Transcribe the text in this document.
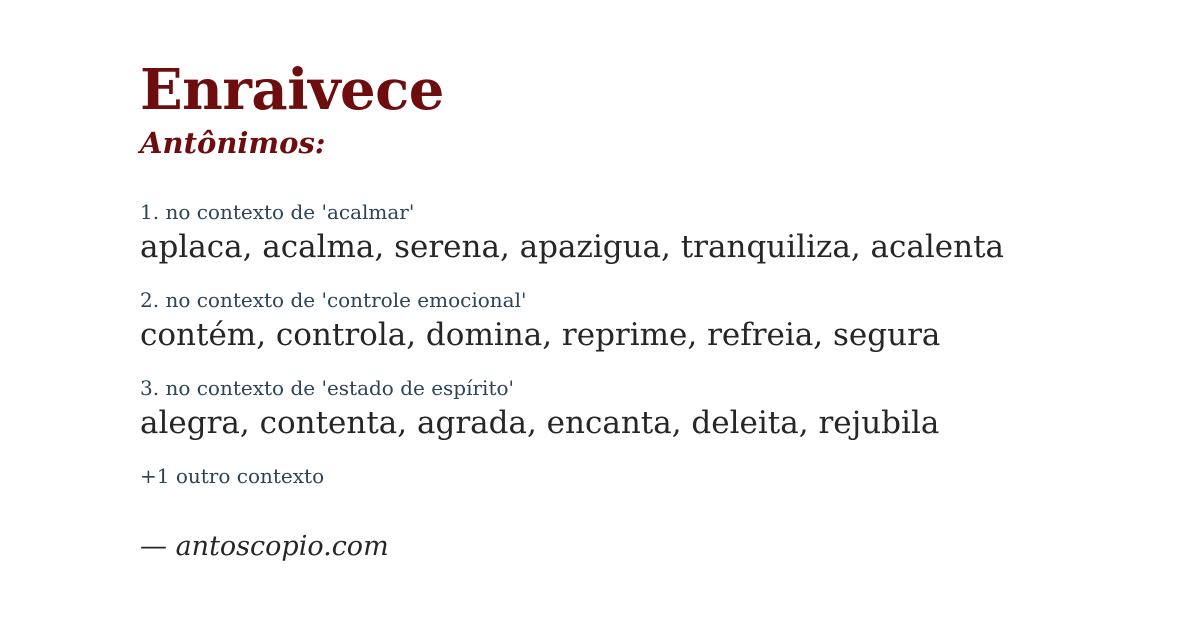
Enraivece
Antônimos:
1. no contexto de 'acalmar'
aplaca, acalma, serena, apazigua, tranquiliza, acalenta
2. no contexto de 'controle emocional'
contém, controla, domina, reprime, refreia, segura
3. no contexto de 'estado de espírito'
alegra, contenta, agrada, encanta, deleita, rejubila
+1 outro contexto
— antoscopio.com
